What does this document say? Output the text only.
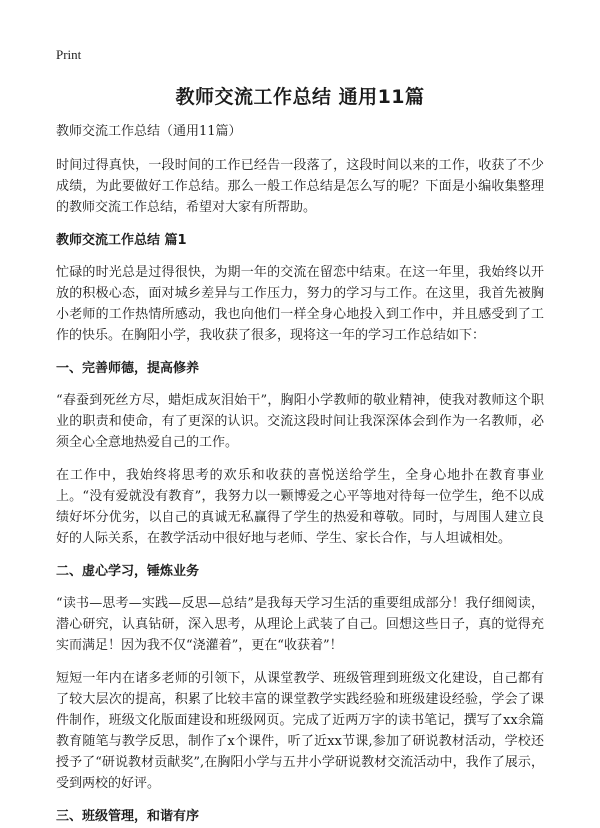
Print
教师交流工作总结 通用11篇
教师交流工作总结（通用11篇）

时间过得真快，一段时间的工作已经告一段落了，这段时间以来的工作，收获了不少成绩，为此要做好工作总结。那么一般工作总结是怎么写的呢？下面是小编收集整理的教师交流工作总结，希望对大家有所帮助。

教师交流工作总结 篇1

忙碌的时光总是过得很快，为期一年的交流在留恋中结束。在这一年里，我始终以开放的积极心态，面对城乡差异与工作压力，努力的学习与工作。在这里，我首先被胸小老师的工作热情所感动，我也向他们一样全身心地投入到工作中，并且感受到了工作的快乐。在胸阳小学，我收获了很多，现将这一年的学习工作总结如下：

一、完善师德，提高修养

“春蚕到死丝方尽，蜡炬成灰泪始干”，胸阳小学教师的敬业精神，使我对教师这个职业的职责和使命，有了更深的认识。交流这段时间让我深深体会到作为一名教师，必须全心全意地热爱自己的工作。

在工作中，我始终将思考的欢乐和收获的喜悦送给学生，全身心地扑在教育事业上。“没有爱就没有教育”，我努力以一颗博爱之心平等地对待每一位学生，绝不以成绩好坏分优劣，以自己的真诚无私赢得了学生的热爱和尊敬。同时，与周围人建立良好的人际关系，在教学活动中很好地与老师、学生、家长合作，与人坦诚相处。

二、虚心学习，锤炼业务

“读书—思考—实践—反思—总结”是我每天学习生活的重要组成部分！我仔细阅读，潜心研究，认真钻研，深入思考，从理论上武装了自己。回想这些日子，真的觉得充实而满足！因为我不仅“浇灌着”，更在“收获着”！

短短一年内在诸多老师的引领下，从课堂教学、班级管理到班级文化建设，自己都有了较大层次的提高，积累了比较丰富的课堂教学实践经验和班级建设经验，学会了课件制作，班级文化版面建设和班级网页。完成了近两万字的读书笔记，撰写了xx余篇教育随笔与教学反思，制作了x个课件，听了近xx节课,参加了研说教材活动，学校还授予了“研说教材贡献奖”,在胸阳小学与五井小学研说教材交流活动中，我作了展示，受到两校的好评。

三、班级管理，和谐有序
